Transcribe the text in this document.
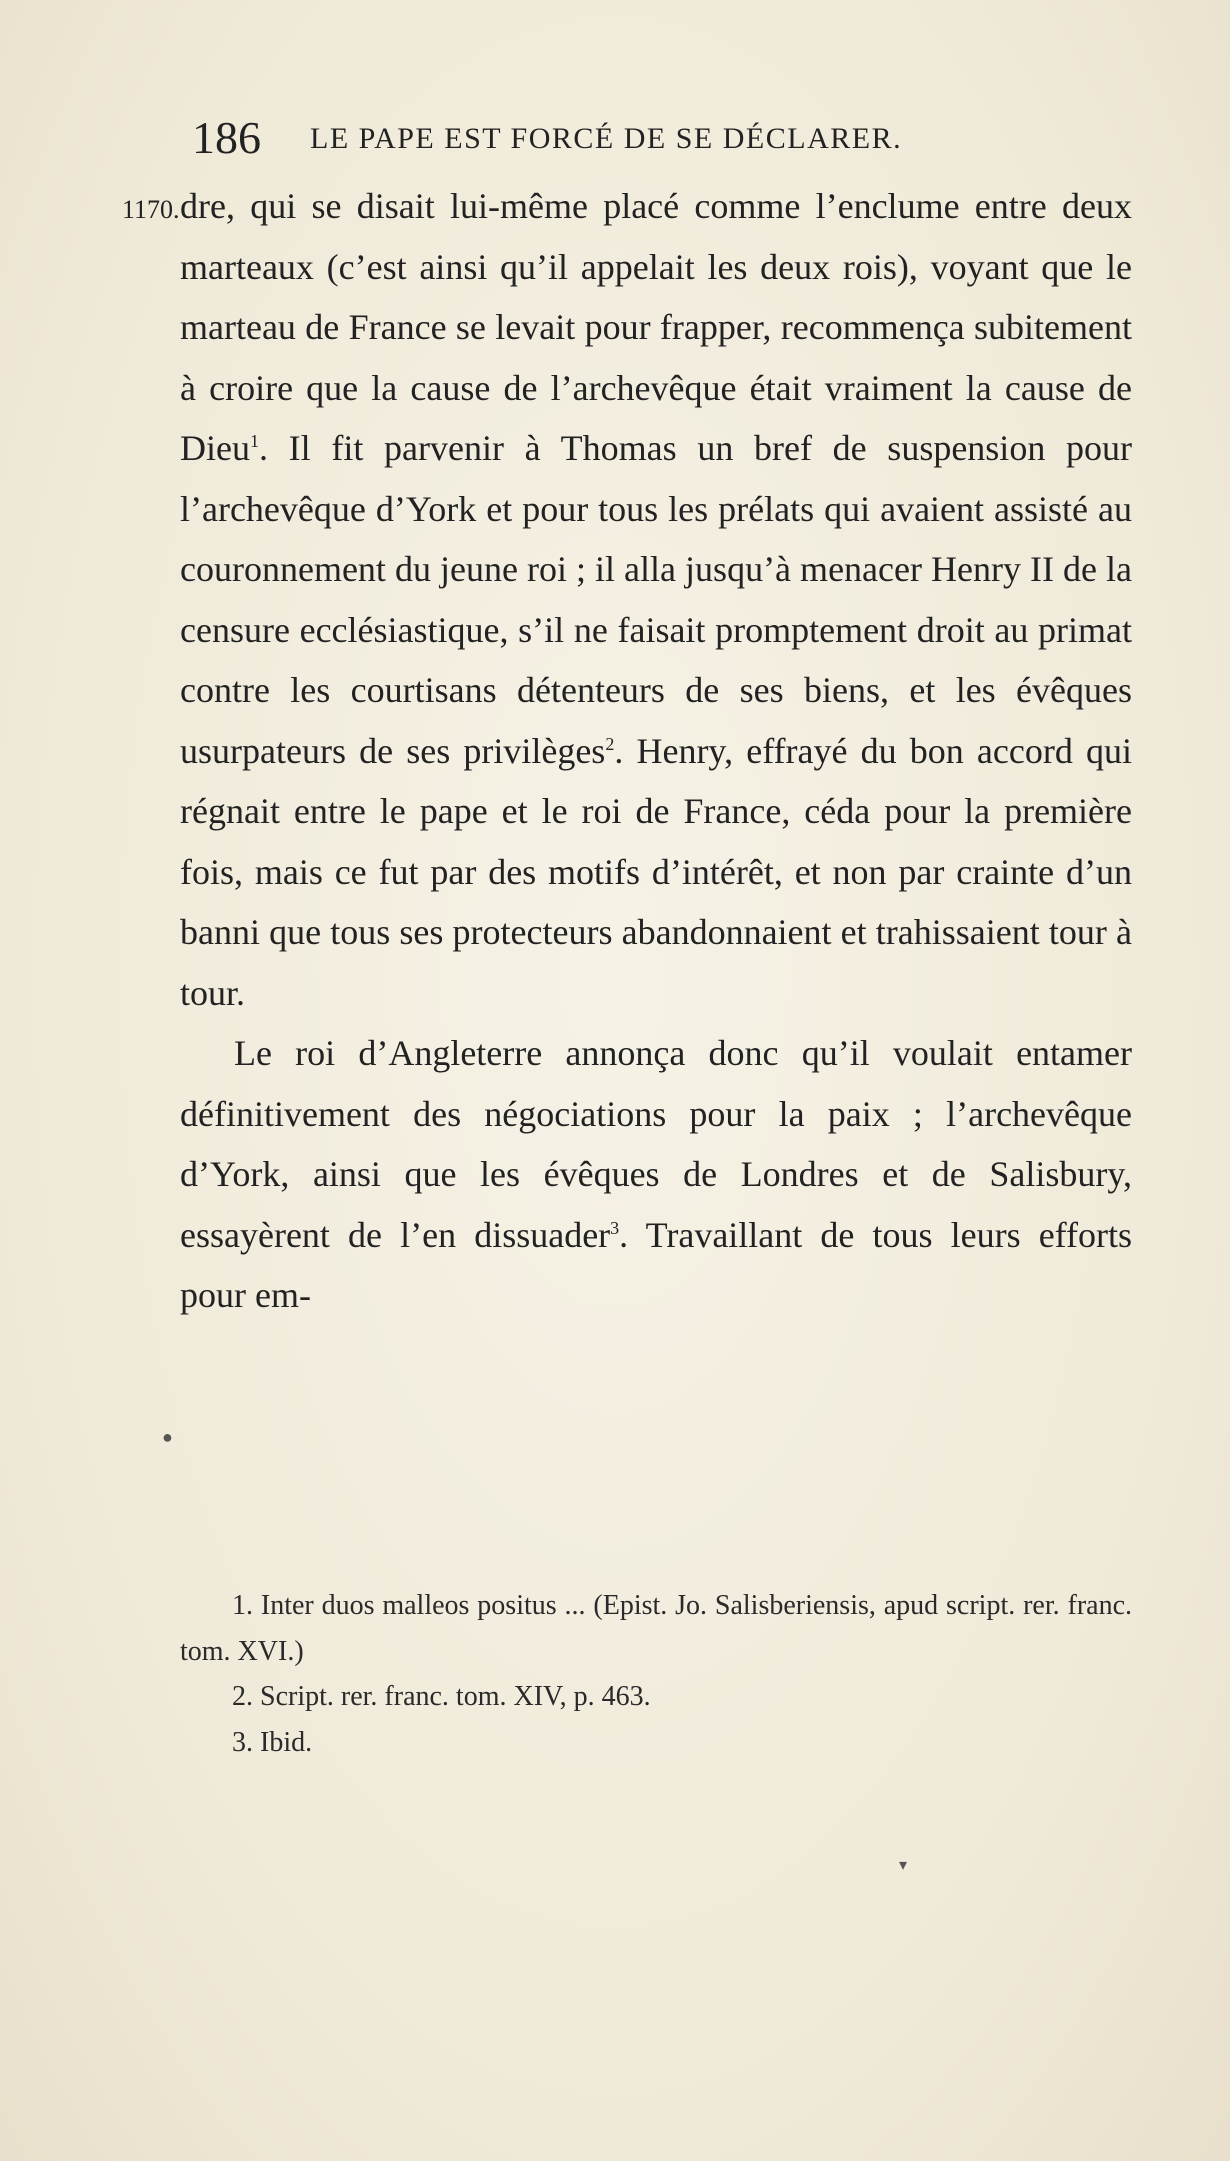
186 LE PAPE EST FORCÉ DE SE DÉCLARER.
1170. dre, qui se disait lui-même placé comme l’enclume entre deux marteaux (c’est ainsi qu’il appelait les deux rois), voyant que le marteau de France se levait pour frapper, recommença subitement à croire que la cause de l’archevêque était vraiment la cause de Dieu$^1$. Il fit parvenir à Thomas un bref de suspension pour l’archevêque d’York et pour tous les prélats qui avaient assisté au couronnement du jeune roi ; il alla jusqu’à menacer Henry II de la censure ecclésiastique, s’il ne faisait promptement droit au primat contre les courtisans détenteurs de ses biens, et les évêques usurpateurs de ses privilèges$^2$. Henry, effrayé du bon accord qui régnait entre le pape et le roi de France, céda pour la première fois, mais ce fut par des motifs d’intérêt, et non par crainte d’un banni que tous ses protecteurs abandonnaient et trahissaient tour à tour.

Le roi d’Angleterre annonça donc qu’il voulait entamer définitivement des négociations pour la paix ; l’archevêque d’York, ainsi que les évêques de Londres et de Salisbury, essayèrent de l’en dissuader$^3$. Travaillant de tous leurs efforts pour em-

1. Inter duos malleos positus ... (Epist. Jo. Salisberiensis, apud script. rer. franc. tom. XVI.)

2. Script. rer. franc. tom. XIV, p. 463.

3. Ibid.

●
▾
